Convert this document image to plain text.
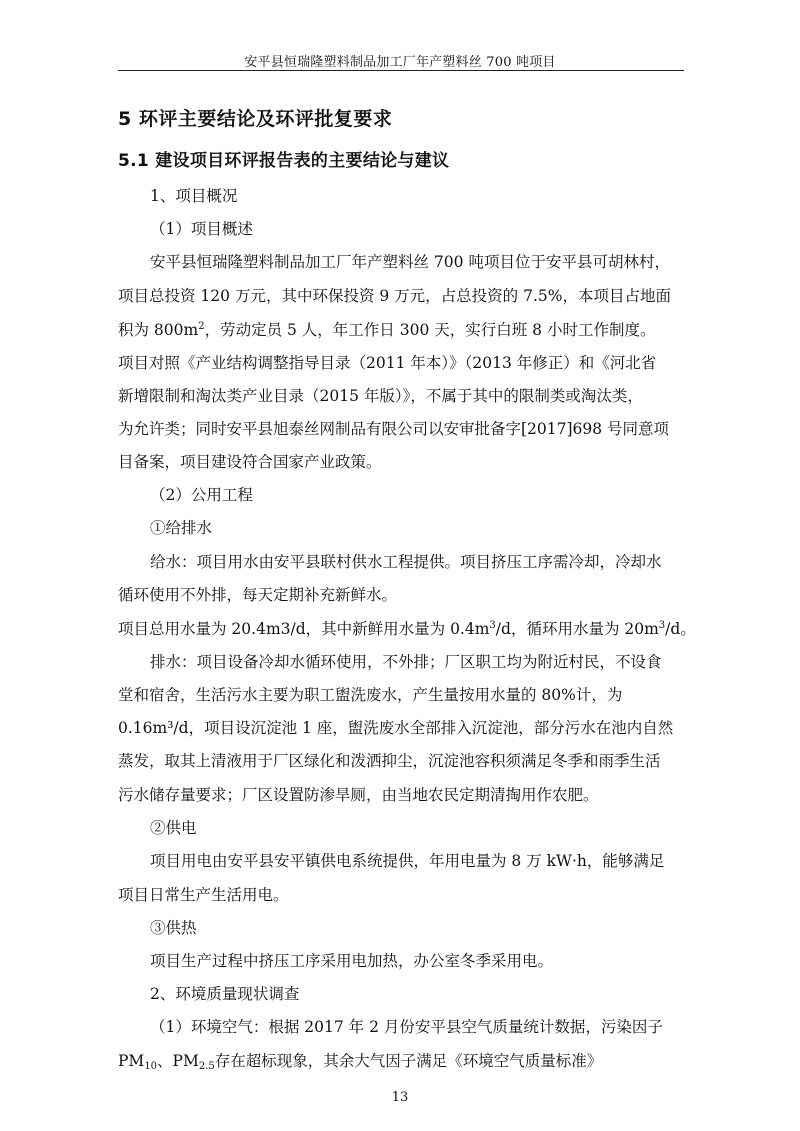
安平县恒瑞隆塑料制品加工厂年产塑料丝 700 吨项目
5 环评主要结论及环评批复要求
5.1 建设项目环评报告表的主要结论与建议
1、项目概况
（1）项目概述
安平县恒瑞隆塑料制品加工厂年产塑料丝 700 吨项目位于安平县可胡林村，
项目总投资 120 万元，其中环保投资 9 万元，占总投资的 7.5%，本项目占地面
积为 $800m^2$，劳动定员 5 人，年工作日 300 天，实行白班 8 小时工作制度。
项目对照《产业结构调整指导目录（2011 年本）》（2013 年修正）和《河北省
新增限制和淘汰类产业目录（2015 年版）》，不属于其中的限制类或淘汰类，
为允许类；同时安平县旭泰丝网制品有限公司以安审批备字[2017]698 号同意项
目备案，项目建设符合国家产业政策。
（2）公用工程
①给排水
给水：项目用水由安平县联村供水工程提供。项目挤压工序需冷却，冷却水
循环使用不外排，每天定期补充新鲜水。
项目总用水量为 20.4m3/d，其中新鲜用水量为 $0.4m^3/d$，循环用水量为 $20m^3/d$。
排水：项目设备冷却水循环使用，不外排；厂区职工均为附近村民，不设食
堂和宿舍，生活污水主要为职工盥洗废水，产生量按用水量的 80%计，为
0.16m³/d，项目设沉淀池 1 座，盥洗废水全部排入沉淀池，部分污水在池内自然
蒸发，取其上清液用于厂区绿化和泼洒抑尘，沉淀池容积须满足冬季和雨季生活
污水储存量要求；厂区设置防渗旱厕，由当地农民定期清掏用作农肥。
②供电
项目用电由安平县安平镇供电系统提供，年用电量为 8 万 kW·h，能够满足
项目日常生产生活用电。
③供热
项目生产过程中挤压工序采用电加热，办公室冬季采用电。
2、环境质量现状调查
（1）环境空气：根据 2017 年 2 月份安平县空气质量统计数据，污染因子
$PM_{10}$、$PM_{2.5}$存在超标现象，其余大气因子满足《环境空气质量标准》
13
